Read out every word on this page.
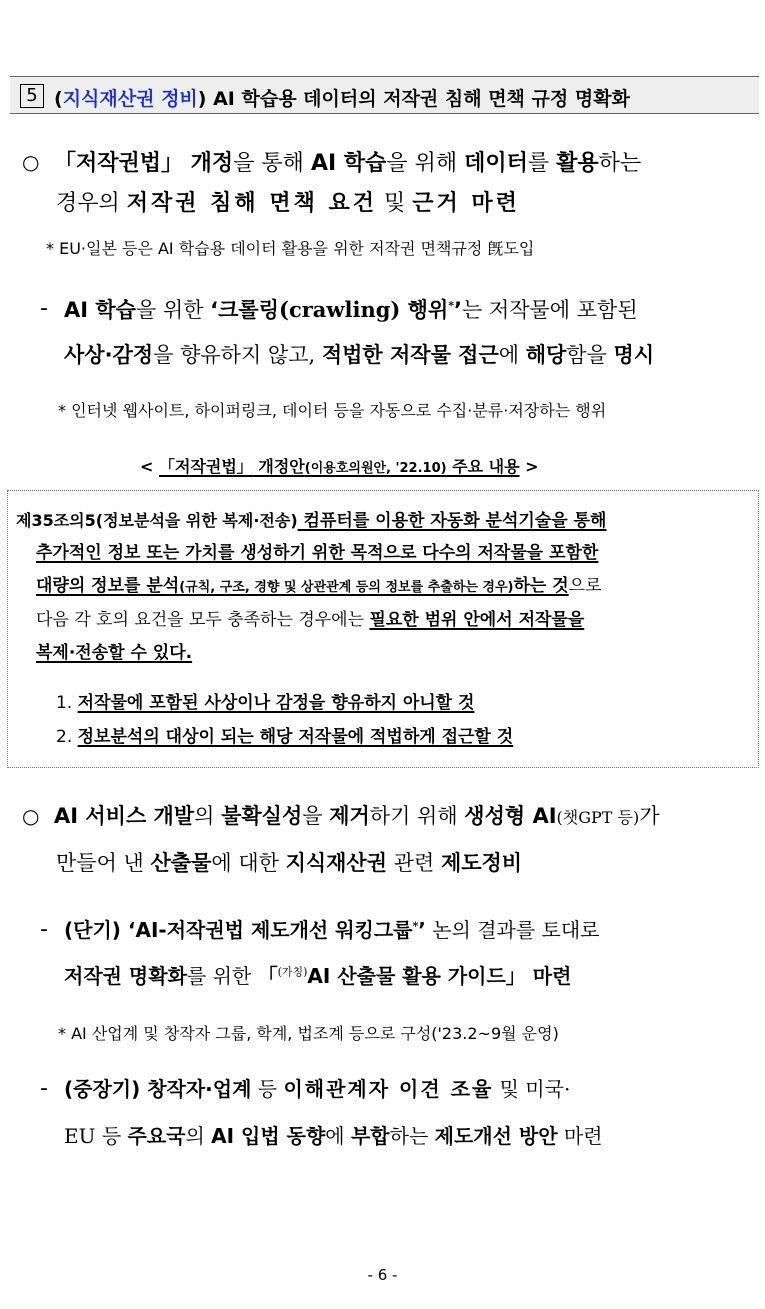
5 (지식재산권 정비) AI 학습용 데이터의 저작권 침해 면책 규정 명확화
○ 「저작권법」 개정을 통해 AI 학습을 위해 데이터를 활용하는
경우의 저작권 침해 면책 요건 및 근거 마련
* EU·일본 등은 AI 학습용 데이터 활용을 위한 저작권 면책규정 旣도입
- AI 학습을 위한 ‘크롤링(crawling) 행위*’는 저작물에 포함된
사상·감정을 향유하지 않고, 적법한 저작물 접근에 해당함을 명시
* 인터넷 웹사이트, 하이퍼링크, 데이터 등을 자동으로 수집·분류·저장하는 행위
< 「저작권법」 개정안(이용호의원안, '22.10) 주요 내용 >
제35조의5(정보분석을 위한 복제·전송) 컴퓨터를 이용한 자동화 분석기술을 통해
추가적인 정보 또는 가치를 생성하기 위한 목적으로 다수의 저작물을 포함한
대량의 정보를 분석(규칙, 구조, 경향 및 상관관계 등의 정보를 추출하는 경우)하는 것으로
다음 각 호의 요건을 모두 충족하는 경우에는 필요한 범위 안에서 저작물을
복제·전송할 수 있다.
1. 저작물에 포함된 사상이나 감정을 향유하지 아니할 것
2. 정보분석의 대상이 되는 해당 저작물에 적법하게 접근할 것
○ AI 서비스 개발의 불확실성을 제거하기 위해 생성형 AI(챗GPT 등)가
만들어 낸 산출물에 대한 지식재산권 관련 제도정비
- (단기) ‘AI-저작권법 제도개선 워킹그룹*’ 논의 결과를 토대로
저작권 명확화를 위한 「$^{(가칭)}$AI 산출물 활용 가이드」 마련
* AI 산업계 및 창작자 그룹, 학계, 법조계 등으로 구성('23.2~9월 운영)
- (중장기) 창작자·업계 등 이해관계자 이견 조율 및 미국·
EU 등 주요국의 AI 입법 동향에 부합하는 제도개선 방안 마련
- 6 -
